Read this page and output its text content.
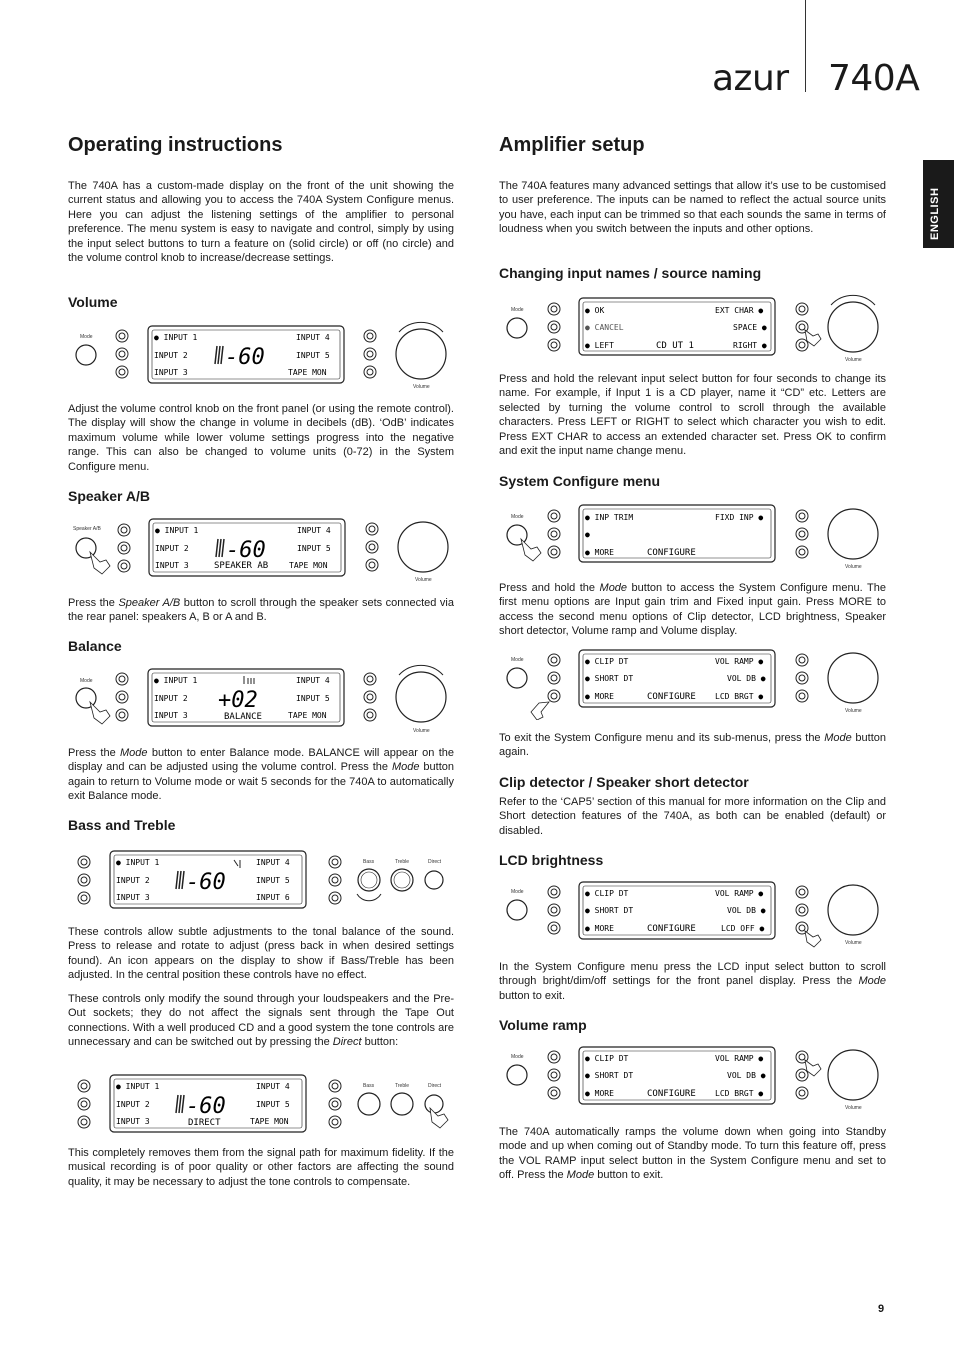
azur 740A
ENGLISH
Operating instructions

The 740A has a custom-made display on the front of the unit showing the current status and allowing you to access the 740A System Configure menus. Here you can adjust the listening settings of the amplifier to personal preference. The menu system is easy to navigate and control, simply by using the input select buttons to turn a feature on (solid circle) or off (no circle) and the volume control knob to increase/decrease settings.

Volume
Mode	● INPUT 1
INPUT 2
INPUT 3
INPUT 4
INPUT 5
TAPE MON
-60
Volume

Adjust the volume control knob on the front panel (or using the remote control). The display will show the change in volume in decibels (dB). ‘OdB’ indicates maximum volume while lower volume settings progress into the negative range. This can also be changed to volume units (0-72) in the System Configure menu.

Speaker A/B
Speaker A/B	● INPUT 1
INPUT 2
INPUT 3
INPUT 4
INPUT 5
TAPE MON
-60
SPEAKER AB
Volume

Press the Speaker A/B button to scroll through the speaker sets connected via the rear panel: speakers A, B or A and B.

Balance
Mode	● INPUT 1
INPUT 2
INPUT 3
INPUT 4
INPUT 5
TAPE MON
+02
BALANCE
Volume

Press the Mode button to enter Balance mode. BALANCE will appear on the display and can be adjusted using the volume control. Press the Mode button again to return to Volume mode or wait 5 seconds for the 740A to automatically exit Balance mode.

Bass and Treble
● INPUT 1
INPUT 2
INPUT 3
INPUT 4
INPUT 5
INPUT 6
-60
Bass	Treble	Direct

These controls allow subtle adjustments to the tonal balance of the sound. Press to release and rotate to adjust (press back in when desired settings found). An icon appears on the display to show if Bass/Treble has been adjusted. In the central position these controls have no effect.

These controls only modify the sound through your loudspeakers and the Pre-Out sockets; they do not affect the signals sent through the Tape Out connections. With a well produced CD and a good system the tone controls are unnecessary and can be switched out by pressing the Direct button:

● INPUT 1
INPUT 2
INPUT 3
INPUT 4
INPUT 5
TAPE MON
-60
DIRECT
Bass	Treble	Direct

This completely removes them from the signal path for maximum fidelity. If the musical recording is of poor quality or other factors are affecting the sound quality, it may be necessary to adjust the tone controls to compensate.

Amplifier setup

The 740A features many advanced settings that allow it’s use to be customised to user preference. The inputs can be named to reflect the actual source units you have, each input can be trimmed so that each sounds the same in terms of loudness when you switch between the inputs and other options.

Changing input names / source naming
Mode	● OK
● CANCEL
● LEFT
EXT CHAR ●
SPACE ●
RIGHT ●
CD UT 1
Volume

Press and hold the relevant input select button for four seconds to change its name. For example, if Input 1 is a CD player, name it “CD” etc. Letters are selected by turning the volume control to scroll through the available characters. Press LEFT or RIGHT to select which character you wish to edit. Press EXT CHAR to access an extended character set. Press OK to confirm and exit the input name change menu.

System Configure menu
Mode	● INP TRIM
●
● MORE
FIXD INP ●
CONFIGURE
Volume

Press and hold the Mode button to access the System Configure menu. The first menu options are Input gain trim and Fixed input gain. Press MORE to access the second menu options of Clip detector, LCD brightness, Speaker short detector, Volume ramp and Volume display.

Mode	● CLIP DT
● SHORT DT
● MORE
VOL RAMP ●
VOL DB ●
LCD BRGT ●
CONFIGURE
Volume

To exit the System Configure menu and its sub-menus, press the Mode button again.

Clip detector / Speaker short detector

Refer to the ‘CAP5’ section of this manual for more information on the Clip and Short detection features of the 740A, as both can be enabled (default) or disabled.

LCD brightness
Mode	● CLIP DT
● SHORT DT
● MORE
VOL RAMP ●
VOL DB ●
LCD OFF ●
CONFIGURE
Volume

In the System Configure menu press the LCD input select button to scroll through bright/dim/off settings for the front panel display. Press the Mode button to exit.

Volume ramp
Mode	● CLIP DT
● SHORT DT
● MORE
VOL RAMP ●
VOL DB ●
LCD BRGT ●
CONFIGURE
Volume

The 740A automatically ramps the volume down when going into Standby mode and up when coming out of Standby mode. To turn this feature off, press the VOL RAMP input select button in the System Configure menu and set to off. Press the Mode button to exit.

9
